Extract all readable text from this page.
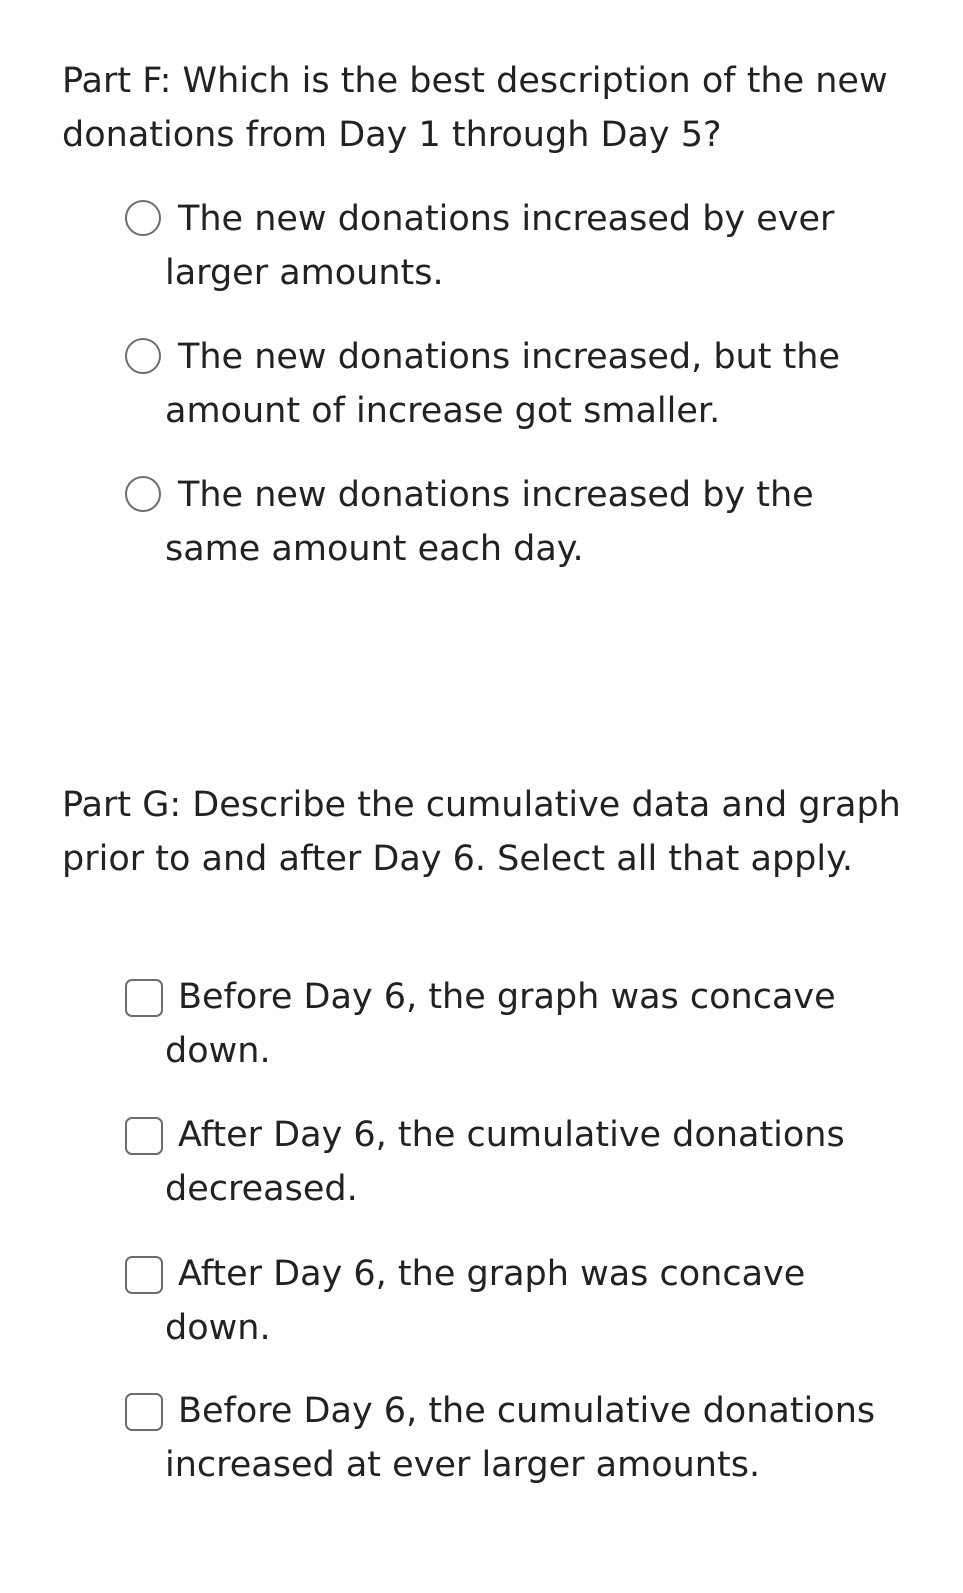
Part F: Which is the best description of the new donations from Day 1 through Day 5?

The new donations increased by ever larger amounts.
The new donations increased, but the amount of increase got smaller.
The new donations increased by the same amount each day.

Part G: Describe the cumulative data and graph prior to and after Day 6. Select all that apply.

Before Day 6, the graph was concave down.
After Day 6, the cumulative donations decreased.
After Day 6, the graph was concave down.
Before Day 6, the cumulative donations increased at ever larger amounts.
